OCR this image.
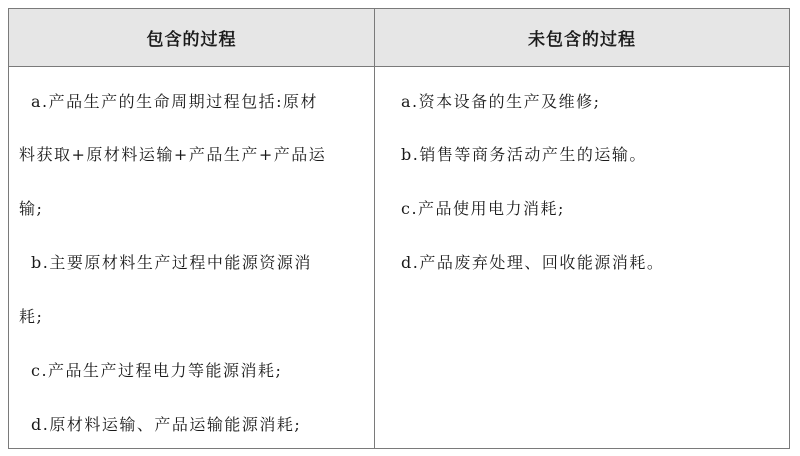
包含的过程	未包含的过程
a.产品生产的生命周期过程包括:原材
料获取+原材料运输+产品生产+产品运
输;
b.主要原材料生产过程中能源资源消
耗;
c.产品生产过程电力等能源消耗;
d.原材料运输、产品运输能源消耗;
a.资本设备的生产及维修;
b.销售等商务活动产生的运输。
c.产品使用电力消耗;
d.产品废弃处理、回收能源消耗。
